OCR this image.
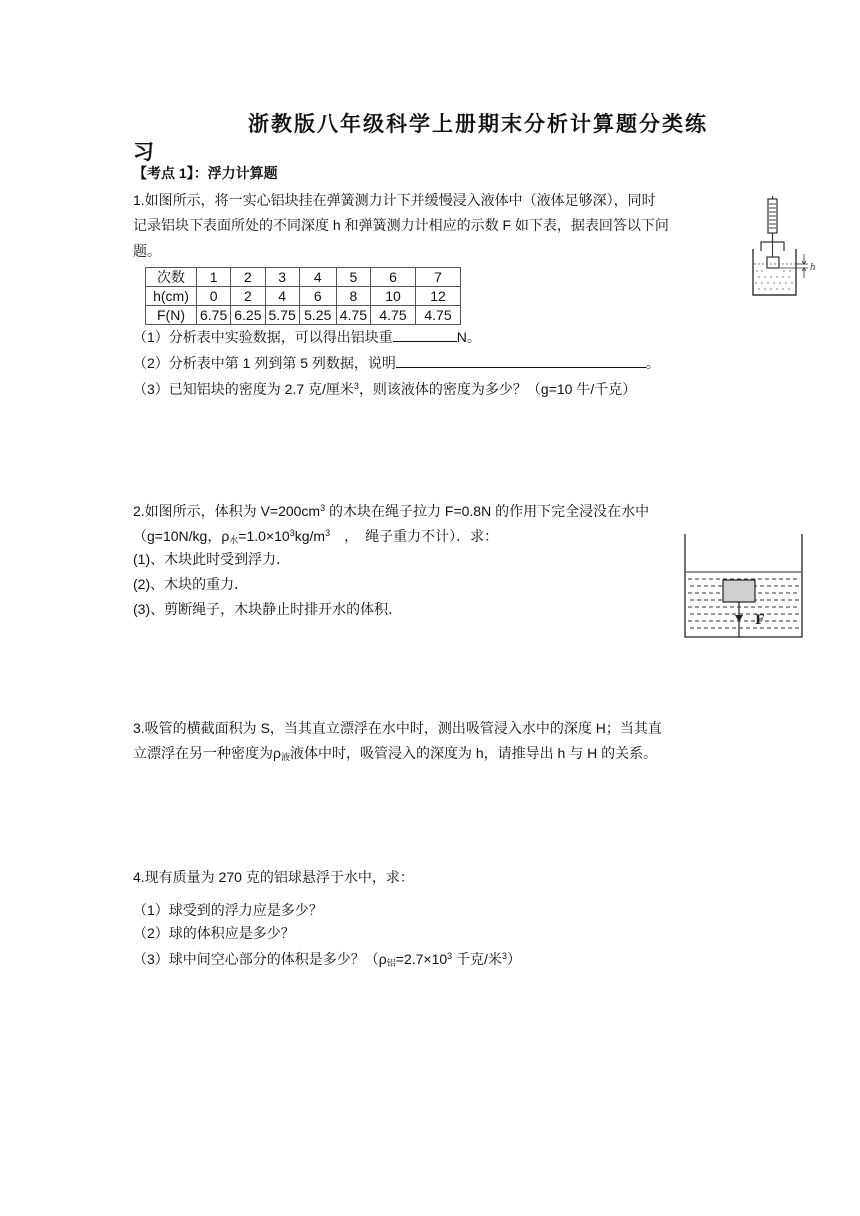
浙教版八年级科学上册期末分析计算题分类练
习
【考点 1】：浮力计算题
1.如图所示，将一实心铝块挂在弹簧测力计下并缓慢浸入液体中（液体足够深），同时
记录铝块下表面所处的不同深度 h 和弹簧测力计相应的示数 F 如下表，据表回答以下问
题。
次数	1	2	3	4	5	6	7
h(cm)	0	2	4	6	8	10	12
F(N)	6.75	6.25	5.75	5.25	4.75	4.75	4.75
（1）分析表中实验数据，可以得出铝块重	N。
（2）分析表中第 1 列到第 5 列数据，说明	。
（3）已知铝块的密度为 2.7 克/厘米$^3$，则该液体的密度为多少？（g=10 牛/千克）
h
2.如图所示，体积为 $V=200cm^3$ 的木块在绳子拉力 F=0.8N 的作用下完全浸没在水中
（g=10N/kg，$\rho_水=1.0\times 10^3kg/m^3$　，　绳子重力不计）．求：
(1)、木块此时受到浮力．
(2)、木块的重力．
(3)、剪断绳子，木块静止时排开水的体积．
F
3.吸管的横截面积为 S，当其直立漂浮在水中时，测出吸管浸入水中的深度 H；当其直
立漂浮在另一种密度为$\rho_液$液体中时，吸管浸入的深度为 h，请推导出 h 与 H 的关系。
4.现有质量为 270 克的铝球悬浮于水中，求：
（1）球受到的浮力应是多少？
（2）球的体积应是多少？
（3）球中间空心部分的体积是多少？（$\rho_铝=2.7\times 10^3$ 千克/米$^3$）
